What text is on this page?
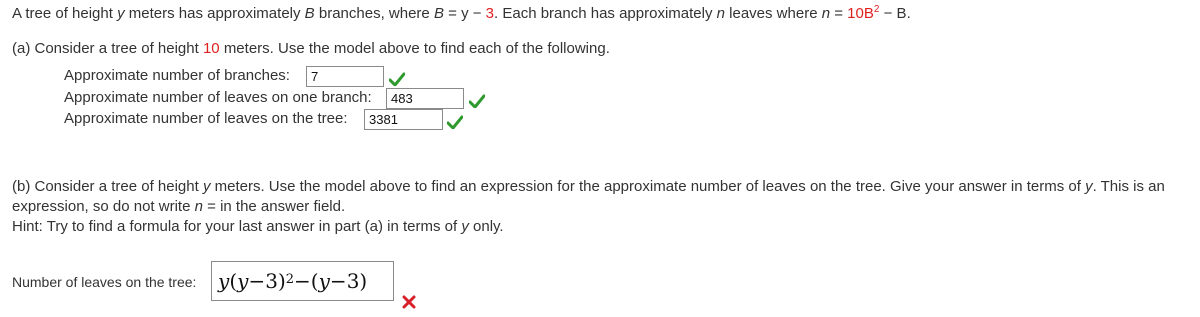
A tree of height y meters has approximately B branches, where B = y − 3. Each branch has approximately n leaves where $n = 10B^2 - B$.
(a) Consider a tree of height 10 meters. Use the model above to find each of the following.
Approximate number of branches:	7
Approximate number of leaves on one branch:	483
Approximate number of leaves on the tree:	3381
(b) Consider a tree of height y meters. Use the model above to find an expression for the approximate number of leaves on the tree. Give your answer in terms of y. This is an
expression, so do not write n = in the answer field.
Hint: Try to find a formula for your last answer in part (a) in terms of y only.
Number of leaves on the tree: y ( y − 3 )$^2$ − ( y − 3 )
